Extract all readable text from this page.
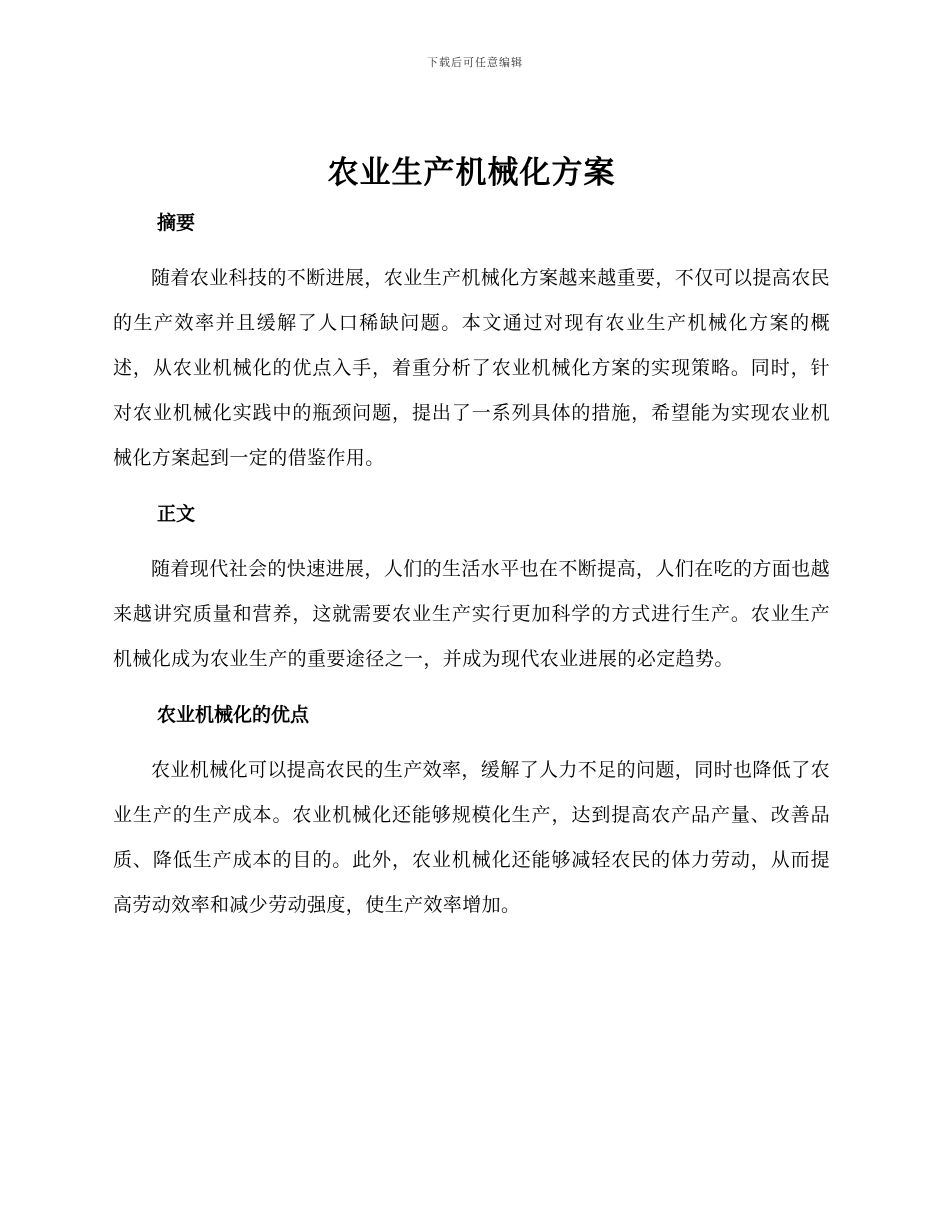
下载后可任意编辑
农业生产机械化方案
摘要

随着农业科技的不断进展，农业生产机械化方案越来越重要，不仅可以提高农民的生产效率并且缓解了人口稀缺问题。本文通过对现有农业生产机械化方案的概述，从农业机械化的优点入手，着重分析了农业机械化方案的实现策略。同时，针对农业机械化实践中的瓶颈问题，提出了一系列具体的措施，希望能为实现农业机械化方案起到一定的借鉴作用。

正文

随着现代社会的快速进展，人们的生活水平也在不断提高，人们在吃的方面也越来越讲究质量和营养，这就需要农业生产实行更加科学的方式进行生产。农业生产机械化成为农业生产的重要途径之一，并成为现代农业进展的必定趋势。

农业机械化的优点

农业机械化可以提高农民的生产效率，缓解了人力不足的问题，同时也降低了农业生产的生产成本。农业机械化还能够规模化生产，达到提高农产品产量、改善品质、降低生产成本的目的。此外，农业机械化还能够减轻农民的体力劳动，从而提高劳动效率和减少劳动强度，使生产效率增加。
